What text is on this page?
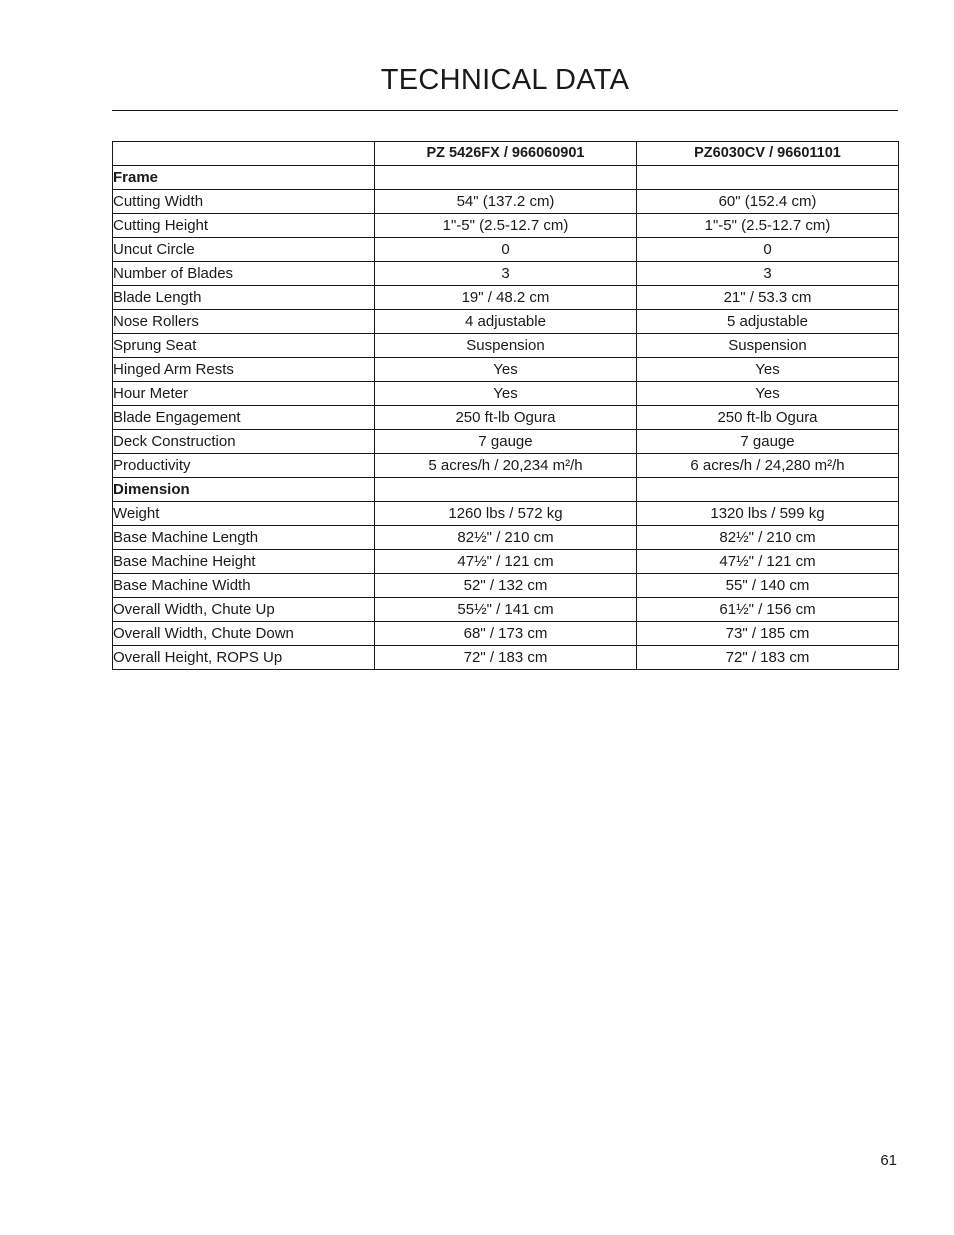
TECHNICAL DATA
	PZ 5426FX / 966060901	PZ6030CV / 96601101
Frame		
Cutting Width	54" (137.2 cm)	60" (152.4 cm)
Cutting Height	1"-5" (2.5-12.7 cm)	1"-5" (2.5-12.7 cm)
Uncut Circle	0	0
Number of Blades	3	3
Blade Length	19" / 48.2 cm	21" / 53.3 cm
Nose Rollers	4 adjustable	5 adjustable
Sprung Seat	Suspension	Suspension
Hinged Arm Rests	Yes	Yes
Hour Meter	Yes	Yes
Blade Engagement	250 ft-lb Ogura	250 ft-lb Ogura
Deck Construction	7 gauge	7 gauge
Productivity	5 acres/h / 20,234 m²/h	6 acres/h / 24,280 m²/h
Dimension		
Weight	1260 lbs / 572 kg	1320 lbs / 599 kg
Base Machine Length	82½" / 210 cm	82½" / 210 cm
Base Machine Height	47½" / 121 cm	47½" / 121 cm
Base Machine Width	52" / 132 cm	55" / 140 cm
Overall Width, Chute Up	55½" / 141 cm	61½" / 156 cm
Overall Width, Chute Down	68" / 173 cm	73" / 185 cm
Overall Height, ROPS Up	72" / 183 cm	72" / 183 cm
61
